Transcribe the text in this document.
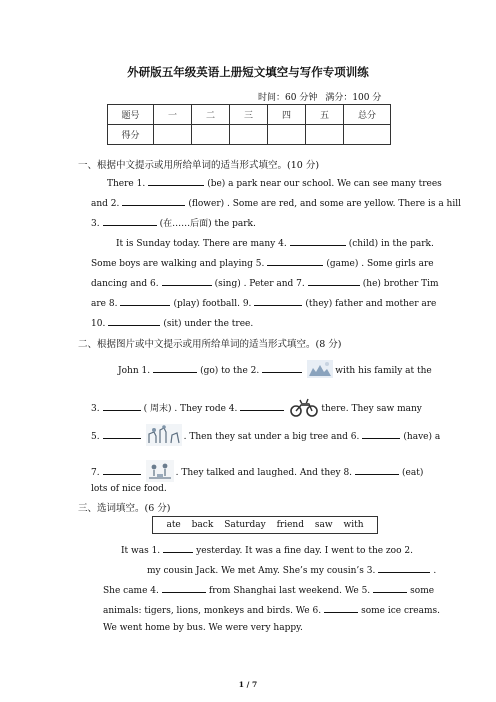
外研版五年级英语上册短文填空与写作专项训练
时间：60 分钟 满分：100 分
题号	一	二	三	四	五	总分
得分						
一、根据中文提示或用所给单词的适当形式填空。(10 分)
There 1.	(be) a park near our school. We can see many trees
and 2.	(flower) . Some are red, and some are yellow. There is a hill
3.	(在……后面) the park.
It is Sunday today. There are many 4.	(child) in the park.
Some boys are walking and playing 5.	(game) . Some girls are
dancing and 6.	(sing) . Peter and 7.	(he) brother Tim
are 8.	(play) football. 9.	(they) father and mother are
10.	(sit) under the tree.
二、根据图片或中文提示或用所给单词的适当形式填空。(8 分)
John 1.	(go) to the 2.	with his family at the
3.	( 周末) . They rode 4.	there. They saw many
5.	. Then they sat under a big tree and 6.	(have) a
7.	. They talked and laughed. And they 8.	(eat)
lots of nice food.
三、选词填空。(6 分)
ate back Saturday friend saw with
It was 1.	yesterday. It was a fine day. I went to the zoo 2.
my cousin Jack. We met Amy. She’s my cousin’s 3.	.
She came 4.	from Shanghai last weekend. We 5.	some
animals: tigers, lions, monkeys and birds. We 6.	some ice creams.
We went home by bus. We were very happy.
1 / 7
